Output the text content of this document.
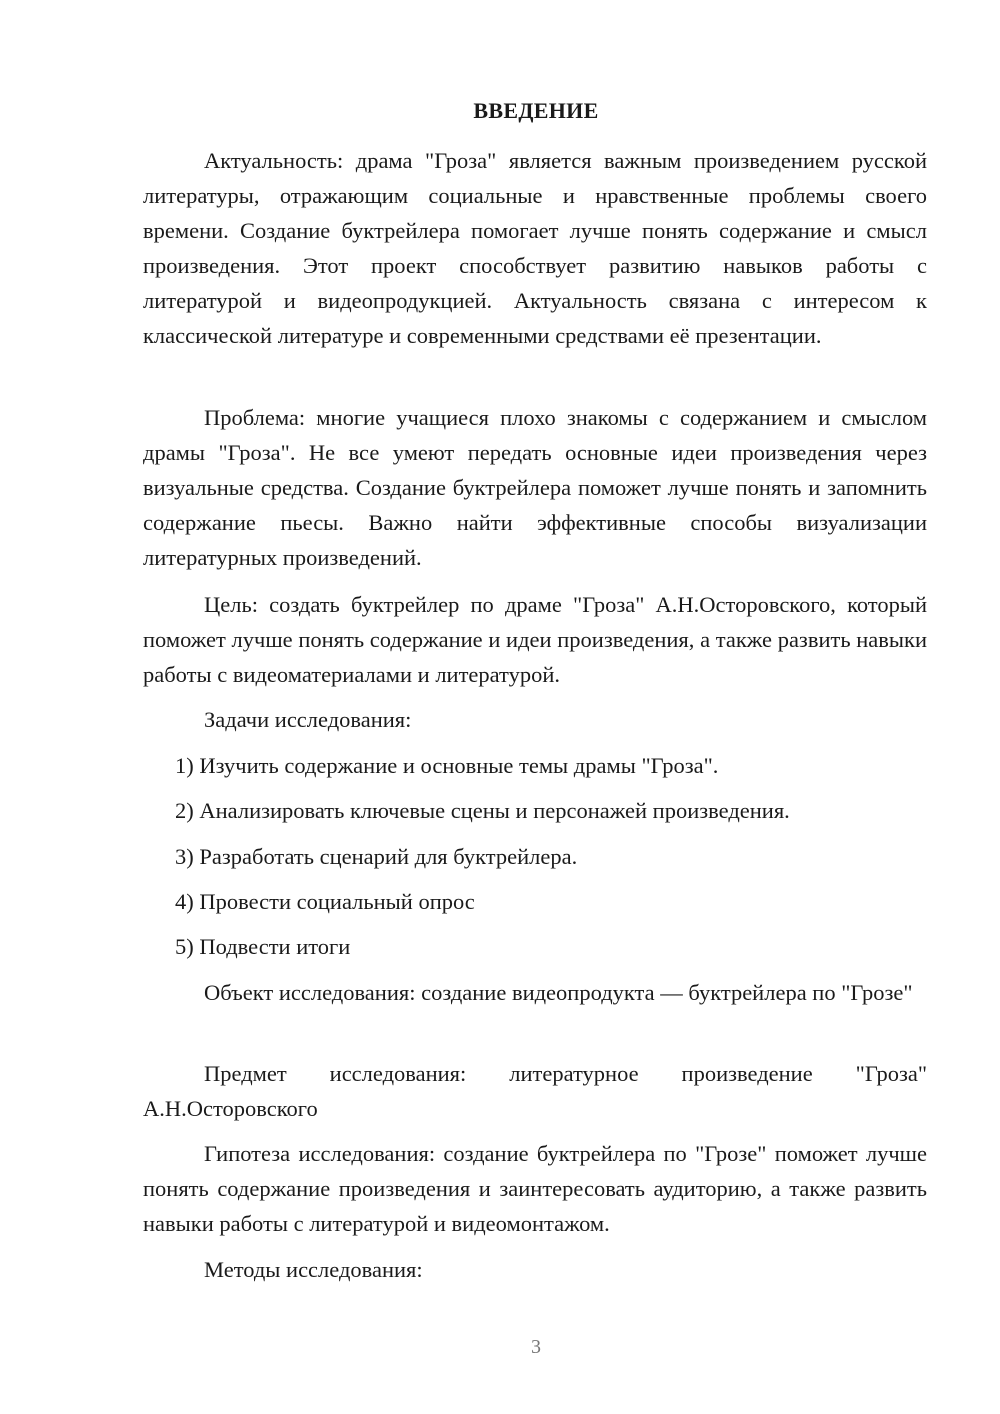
ВВЕДЕНИЕ

Актуальность: драма "Гроза" является важным произведением русской литературы, отражающим социальные и нравственные проблемы своего времени. Создание буктрейлера помогает лучше понять содержание и смысл произведения. Этот проект способствует развитию навыков работы с литературой и видеопродукцией. Актуальность связана с интересом к классической литературе и современными средствами её презентации.

Проблема: многие учащиеся плохо знакомы с содержанием и смыслом драмы "Гроза". Не все умеют передать основные идеи произведения через визуальные средства. Создание буктрейлера поможет лучше понять и запомнить содержание пьесы. Важно найти эффективные способы визуализации литературных произведений.

Цель: создать буктрейлер по драме "Гроза" А.Н.Осторовского, который поможет лучше понять содержание и идеи произведения, а также развить навыки работы с видеоматериалами и литературой.

Задачи исследования:

1) Изучить содержание и основные темы драмы "Гроза".

2) Анализировать ключевые сцены и персонажей произведения.

3) Разработать сценарий для буктрейлера.

4) Провести социальный опрос

5) Подвести итоги

Объект исследования: создание видеопродукта — буктрейлера по "Грозе"

Предмет исследования: литературное произведение "Гроза" А.Н.Осторовского

Гипотеза исследования: создание буктрейлера по "Грозе" поможет лучше понять содержание произведения и заинтересовать аудиторию, а также развить навыки работы с литературой и видеомонтажом.

Методы исследования:

3
